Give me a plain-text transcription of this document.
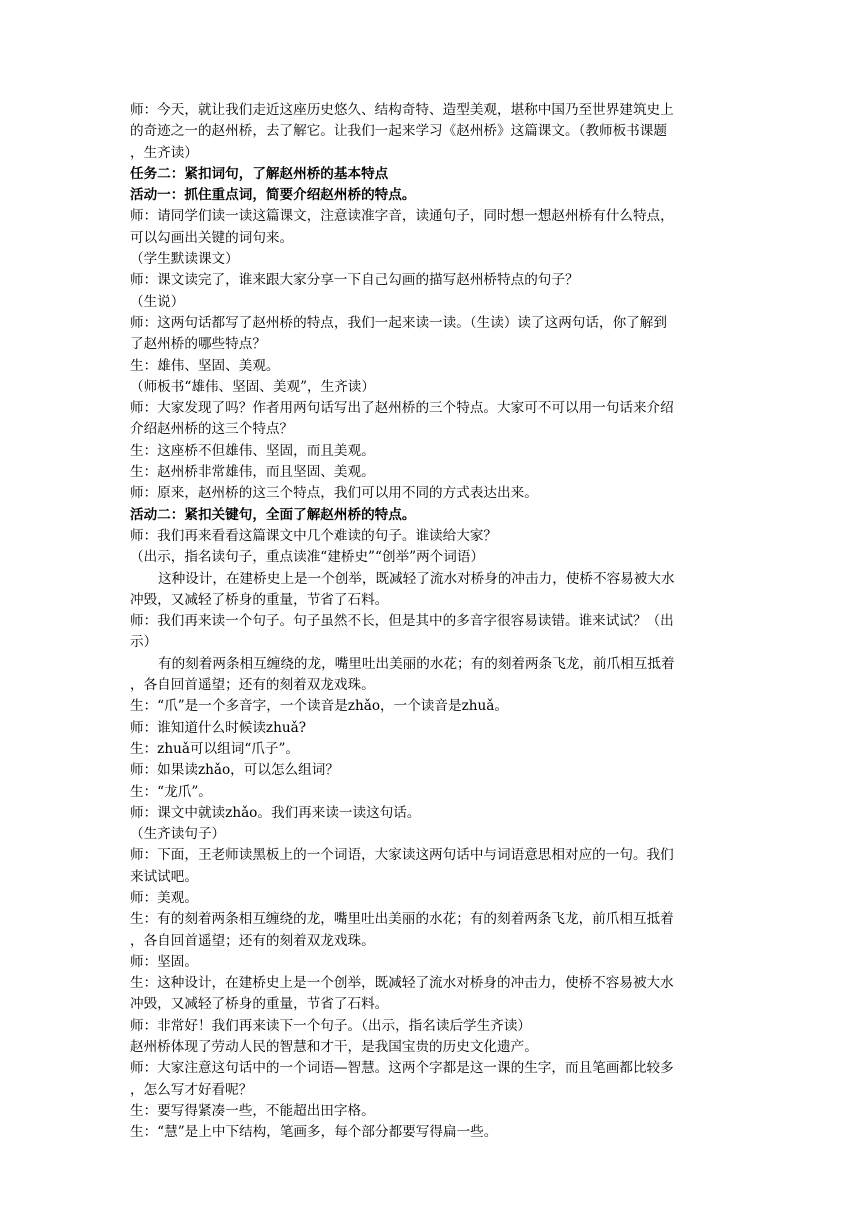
师：今天，就让我们走近这座历史悠久、结构奇特、造型美观，堪称中国乃至世界建筑史上
的奇迹之一的赵州桥，去了解它。让我们一起来学习《赵州桥》这篇课文。（教师板书课题
，生齐读）
任务二：紧扣词句，了解赵州桥的基本特点
活动一：抓住重点词，简要介绍赵州桥的特点。
师：请同学们读一读这篇课文，注意读准字音，读通句子，同时想一想赵州桥有什么特点，
可以勾画出关键的词句来。
（学生默读课文）
师：课文读完了，谁来跟大家分享一下自己勾画的描写赵州桥特点的句子？
（生说）
师：这两句话都写了赵州桥的特点，我们一起来读一读。（生读）读了这两句话，你了解到
了赵州桥的哪些特点？
生：雄伟、坚固、美观。
（师板书“雄伟、坚固、美观”，生齐读）
师：大家发现了吗？作者用两句话写出了赵州桥的三个特点。大家可不可以用一句话来介绍
介绍赵州桥的这三个特点？
生：这座桥不但雄伟、坚固，而且美观。
生：赵州桥非常雄伟，而且坚固、美观。
师：原来，赵州桥的这三个特点，我们可以用不同的方式表达出来。
活动二：紧扣关键句，全面了解赵州桥的特点。
师：我们再来看看这篇课文中几个难读的句子。谁读给大家？
（出示，指名读句子，重点读准“建桥史”“创举”两个词语）
这种设计，在建桥史上是一个创举，既减轻了流水对桥身的冲击力，使桥不容易被大水
冲毁，又减轻了桥身的重量，节省了石料。
师：我们再来读一个句子。句子虽然不长，但是其中的多音字很容易读错。谁来试试？（出
示）
有的刻着两条相互缠绕的龙，嘴里吐出美丽的水花；有的刻着两条飞龙，前爪相互抵着
，各自回首遥望；还有的刻着双龙戏珠。
生：“爪”是一个多音字，一个读音是zhǎo，一个读音是zhuǎ。
师：谁知道什么时候读zhuǎ?
生：zhuǎ可以组词“爪子”。
师：如果读zhǎo，可以怎么组词？
生：“龙爪”。
师：课文中就读zhǎo。我们再来读一读这句话。
（生齐读句子）
师：下面，王老师读黑板上的一个词语，大家读这两句话中与词语意思相对应的一句。我们
来试试吧。
师：美观。
生：有的刻着两条相互缠绕的龙，嘴里吐出美丽的水花；有的刻着两条飞龙，前爪相互抵着
，各自回首遥望；还有的刻着双龙戏珠。
师：坚固。
生：这种设计，在建桥史上是一个创举，既减轻了流水对桥身的冲击力，使桥不容易被大水
冲毁，又减轻了桥身的重量，节省了石料。
师：非常好！我们再来读下一个句子。（出示，指名读后学生齐读）
赵州桥体现了劳动人民的智慧和才干，是我国宝贵的历史文化遗产。
师：大家注意这句话中的一个词语—智慧。这两个字都是这一课的生字，而且笔画都比较多
，怎么写才好看呢？
生：要写得紧凑一些，不能超出田字格。
生：“慧”是上中下结构，笔画多，每个部分都要写得扁一些。
